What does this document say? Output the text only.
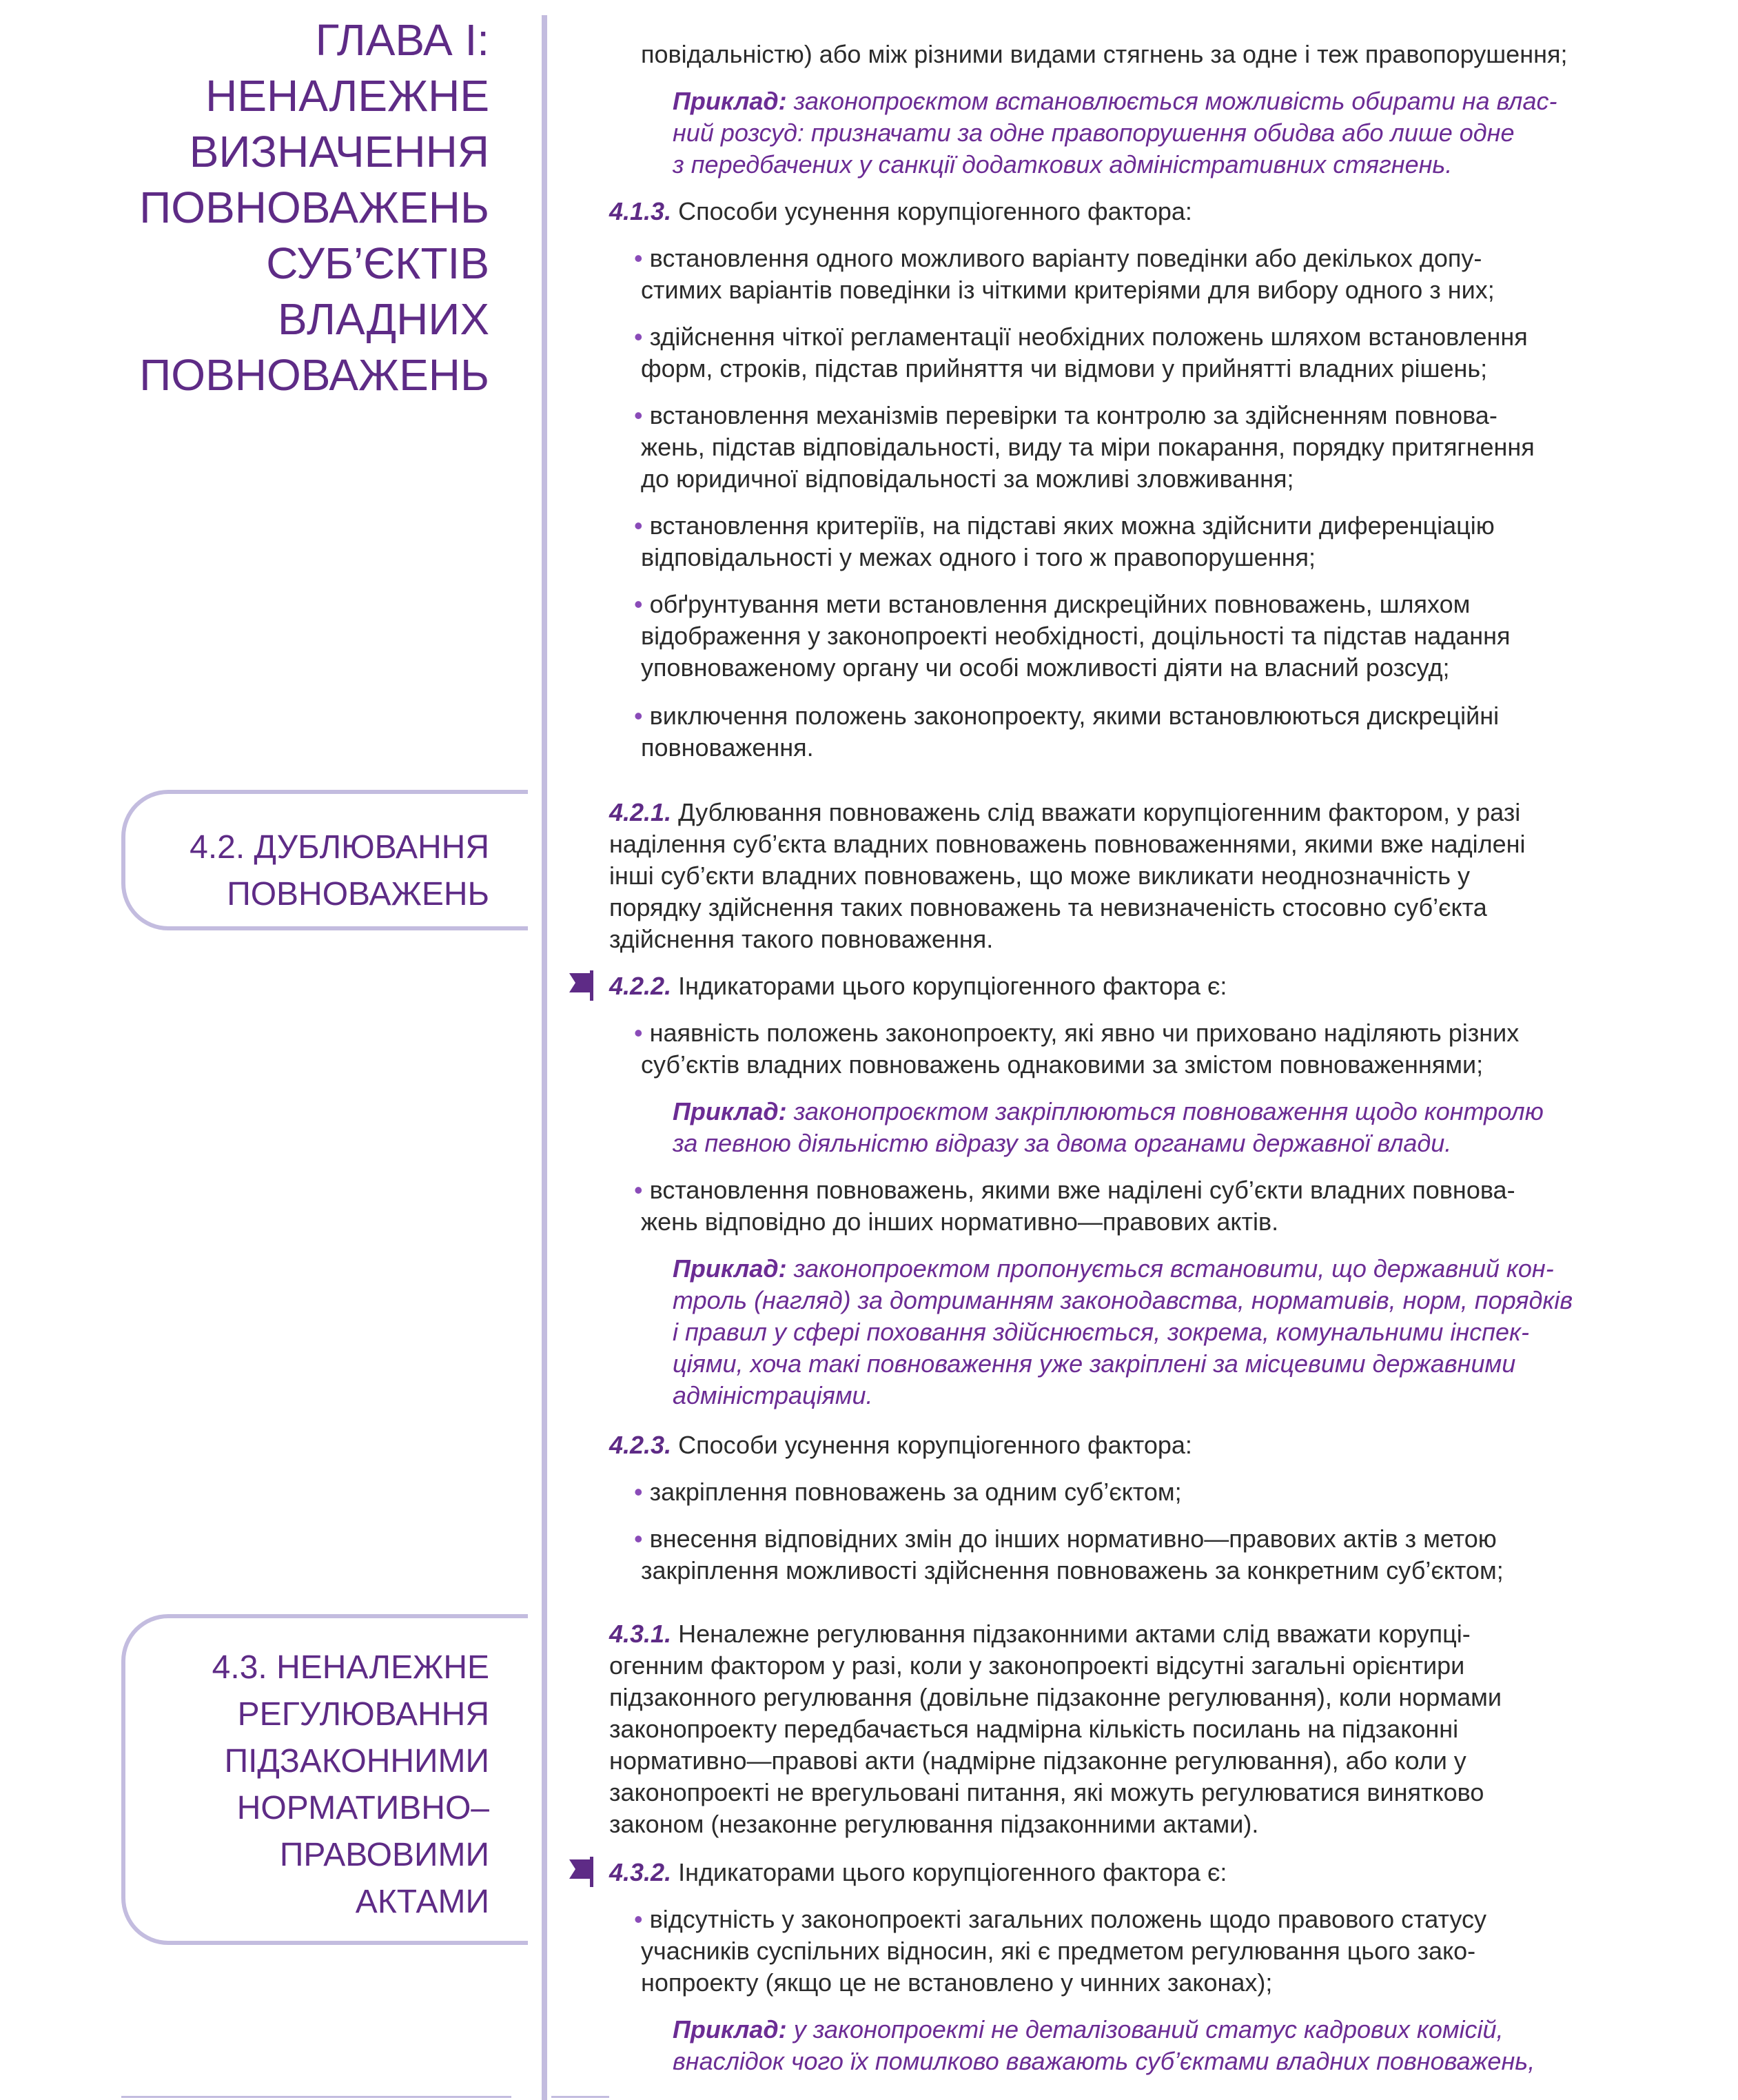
ГЛАВА І:
НЕНАЛЕЖНЕ
ВИЗНАЧЕННЯ
ПОВНОВАЖЕНЬ
СУБ’ЄКТІВ
ВЛАДНИХ
ПОВНОВАЖЕНЬ
4.2. ДУБЛЮВАННЯ
ПОВНОВАЖЕНЬ
4.3. НЕНАЛЕЖНЕ
РЕГУЛЮВАННЯ
ПІДЗАКОННИМИ
НОРМАТИВНО–
ПРАВОВИМИ
АКТАМИ

повідальністю) або між різними видами стягнень за одне і теж правопорушення;

Приклад: законопроєктом встановлюється можливість обирати на влас-
ний розсуд: призначати за одне правопорушення обидва або лише одне
з передбачених у санкції додаткових адміністративних стягнень.

4.1.3. Способи усунення корупціогенного фактора:

• встановлення одного можливого варіанту поведінки або декількох допу-
стимих варіантів поведінки із чіткими критеріями для вибору одного з них;

• здійснення чіткої регламентації необхідних положень шляхом встановлення
форм, строків, підстав прийняття чи відмови у прийнятті владних рішень;

• встановлення механізмів перевірки та контролю за здійсненням повнова-
жень, підстав відповідальності, виду та міри покарання, порядку притягнення
до юридичної відповідальності за можливі зловживання;

• встановлення критеріїв, на підставі яких можна здійснити диференціацію
відповідальності у межах одного і того ж правопорушення;

• обґрунтування мети встановлення дискреційних повноважень, шляхом
відображення у законопроекті необхідності, доцільності та підстав надання
уповноваженому органу чи особі можливості діяти на власний розсуд;

• виключення положень законопроекту, якими встановлюються дискреційні
повноваження.

4.2.1. Дублювання повноважень слід вважати корупціогенним фактором, у разі
наділення суб’єкта владних повноважень повноваженнями, якими вже наділені
інші суб’єкти владних повноважень, що може викликати неоднозначність у
порядку здійснення таких повноважень та невизначеність стосовно суб’єкта
здійснення такого повноваження.

4.2.2. Індикаторами цього корупціогенного фактора є:

• наявність положень законопроекту, які явно чи приховано наділяють різних
суб’єктів владних повноважень однаковими за змістом повноваженнями;

Приклад: законопроєктом закріплюються повноваження щодо контролю
за певною діяльністю відразу за двома органами державної влади.

• встановлення повноважень, якими вже наділені суб’єкти владних повнова-
жень відповідно до інших нормативно—правових актів.

Приклад: законопроектом пропонується встановити, що державний кон-
троль (нагляд) за дотриманням законодавства, нормативів, норм, порядків
і правил у сфері поховання здійснюється, зокрема, комунальними інспек-
ціями, хоча такі повноваження уже закріплені за місцевими державними
адміністраціями.

4.2.3. Способи усунення корупціогенного фактора:

• закріплення повноважень за одним суб’єктом;

• внесення відповідних змін до інших нормативно—правових актів з метою
закріплення можливості здійснення повноважень за конкретним суб’єктом;

4.3.1. Неналежне регулювання підзаконними актами слід вважати корупці-
огенним фактором у разі, коли у законопроекті відсутні загальні орієнтири
підзаконного регулювання (довільне підзаконне регулювання), коли нормами
законопроекту передбачається надмірна кількість посилань на підзаконні
нормативно—правові акти (надмірне підзаконне регулювання), або коли у
законопроекті не врегульовані питання, які можуть регулюватися винятково
законом (незаконне регулювання підзаконними актами).

4.3.2. Індикаторами цього корупціогенного фактора є:

• відсутність у законопроекті загальних положень щодо правового статусу
учасників суспільних відносин, які є предметом регулювання цього зако-
нопроекту (якщо це не встановлено у чинних законах);

Приклад: у законопроекті не деталізований статус кадрових комісій,
внаслідок чого їх помилково вважають суб’єктами владних повноважень,
